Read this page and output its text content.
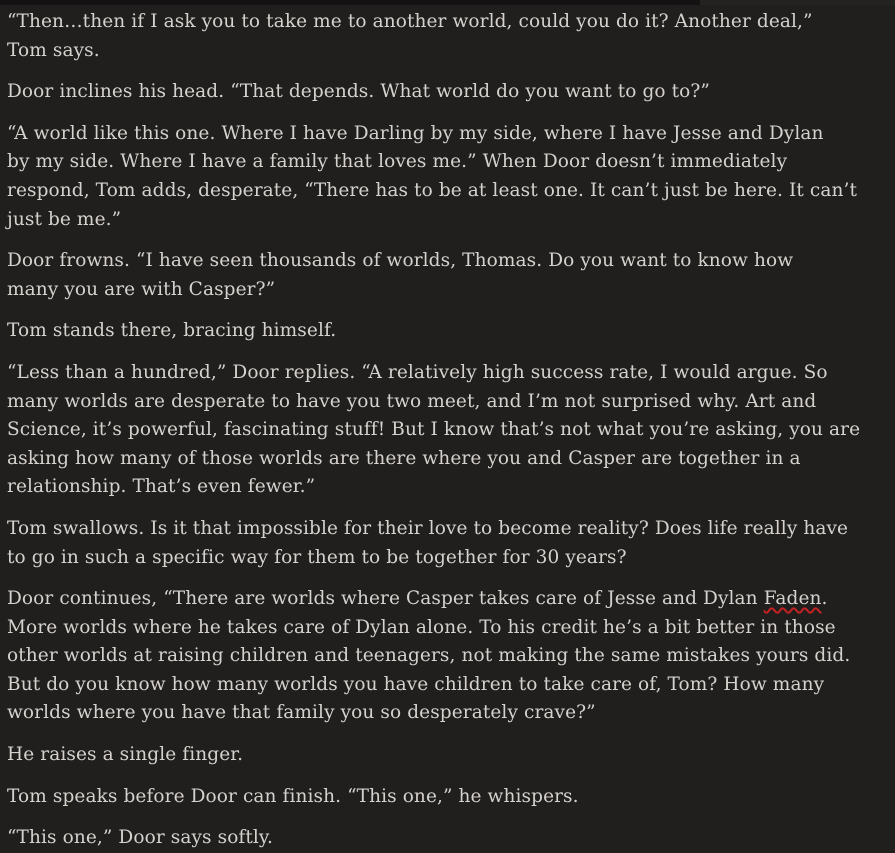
“Then…then if I ask you to take me to another world, could you do it? Another deal,”
Tom says.

Door inclines his head. “That depends. What world do you want to go to?”

“A world like this one. Where I have Darling by my side, where I have Jesse and Dylan
by my side. Where I have a family that loves me.” When Door doesn’t immediately
respond, Tom adds, desperate, “There has to be at least one. It can’t just be here. It can’t
just be me.”

Door frowns. “I have seen thousands of worlds, Thomas. Do you want to know how
many you are with Casper?”

Tom stands there, bracing himself.

“Less than a hundred,” Door replies. “A relatively high success rate, I would argue. So
many worlds are desperate to have you two meet, and I’m not surprised why. Art and
Science, it’s powerful, fascinating stuff! But I know that’s not what you’re asking, you are
asking how many of those worlds are there where you and Casper are together in a
relationship. That’s even fewer.”

Tom swallows. Is it that impossible for their love to become reality? Does life really have
to go in such a specific way for them to be together for 30 years?

Door continues, “There are worlds where Casper takes care of Jesse and Dylan Faden.
More worlds where he takes care of Dylan alone. To his credit he’s a bit better in those
other worlds at raising children and teenagers, not making the same mistakes yours did.
But do you know how many worlds you have children to take care of, Tom? How many
worlds where you have that family you so desperately crave?”

He raises a single finger.

Tom speaks before Door can finish. “This one,” he whispers.

“This one,” Door says softly.
